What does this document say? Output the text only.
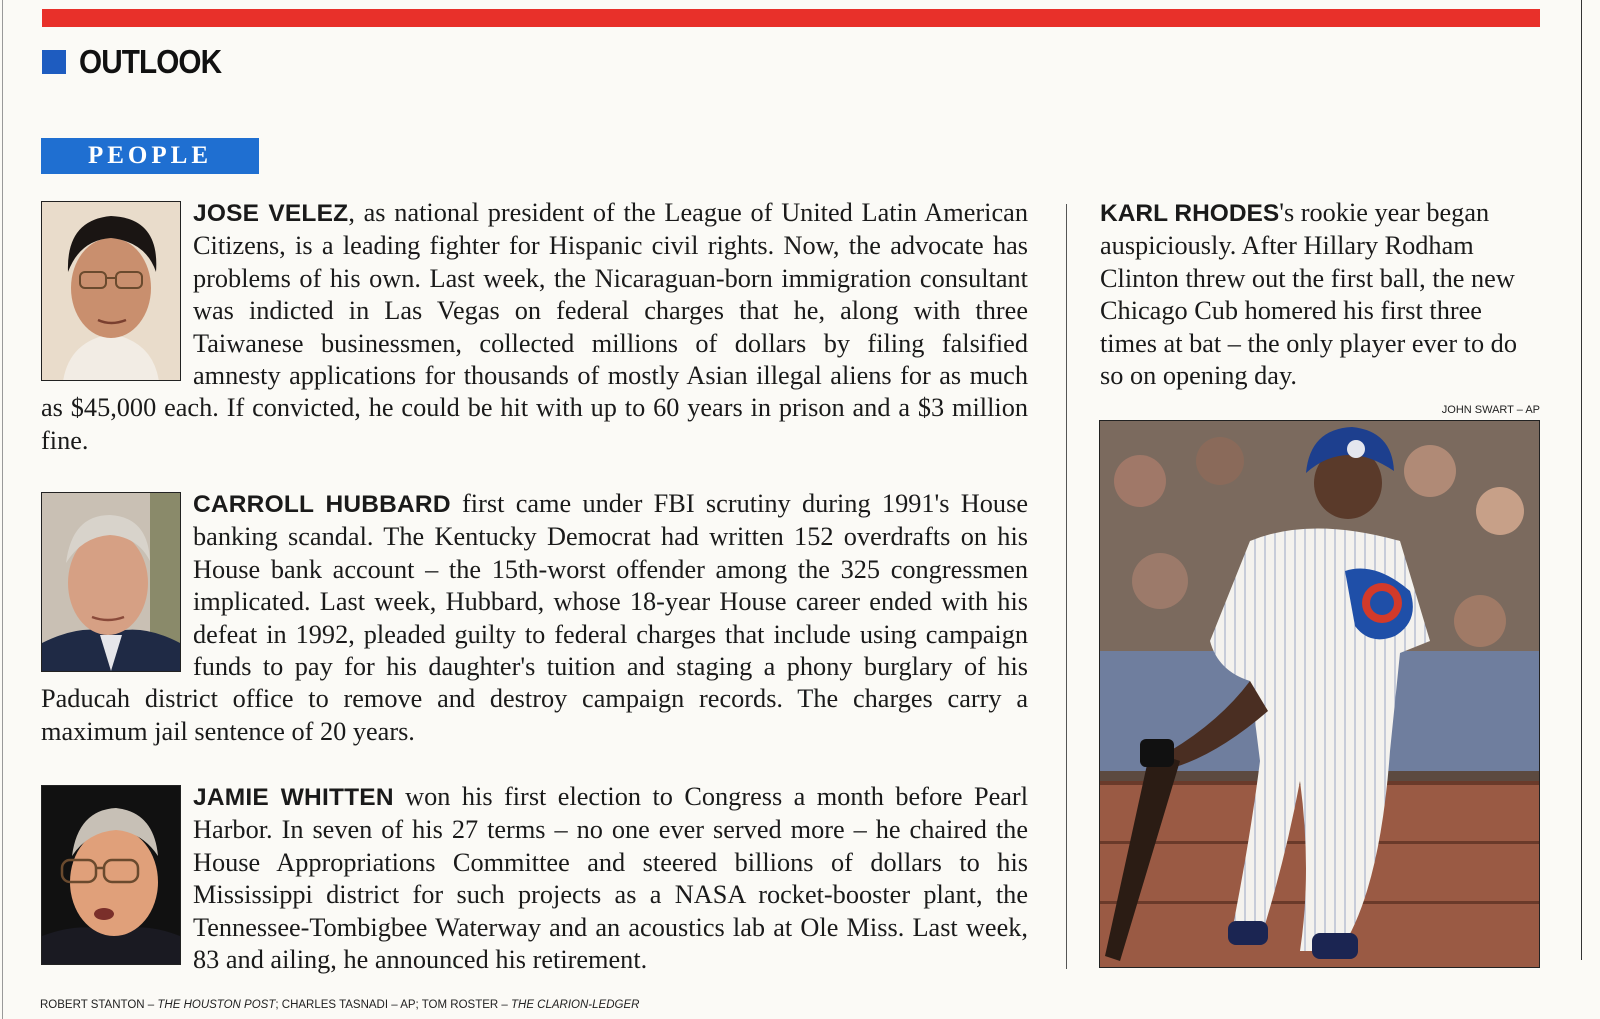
OUTLOOK
PEOPLE
JOSE VELEZ, as national president of the League of United Latin American Citizens, is a leading fighter for Hispanic civil rights. Now, the advocate has problems of his own. Last week, the Nicaraguan-born immigration consultant was indicted in Las Vegas on federal charges that he, along with three Taiwanese businessmen, collected millions of dollars by filing falsified amnesty applications for thousands of mostly Asian illegal aliens for as much as $45,000 each. If convicted, he could be hit with up to 60 years in prison and a $3 million fine.
CARROLL HUBBARD first came under FBI scrutiny during 1991's House banking scandal. The Kentucky Democrat had written 152 overdrafts on his House bank account – the 15th-worst offender among the 325 congressmen implicated. Last week, Hubbard, whose 18-year House career ended with his defeat in 1992, pleaded guilty to federal charges that include using campaign funds to pay for his daughter's tuition and staging a phony burglary of his Paducah district office to remove and destroy campaign records. The charges carry a maximum jail sentence of 20 years.
JAMIE WHITTEN won his first election to Congress a month before Pearl Harbor. In seven of his 27 terms – no one ever served more – he chaired the House Appropriations Committee and steered billions of dollars to his Mississippi district for such projects as a NASA rocket-booster plant, the Tennessee-Tombigbee Waterway and an acoustics lab at Ole Miss. Last week, 83 and ailing, he announced his retirement.
KARL RHODES's rookie year began auspiciously. After Hillary Rodham Clinton threw out the first ball, the new Chicago Cub homered his first three times at bat – the only player ever to do so on opening day.
JOHN SWART – AP
ROBERT STANTON – THE HOUSTON POST; CHARLES TASNADI – AP; TOM ROSTER – THE CLARION-LEDGER
